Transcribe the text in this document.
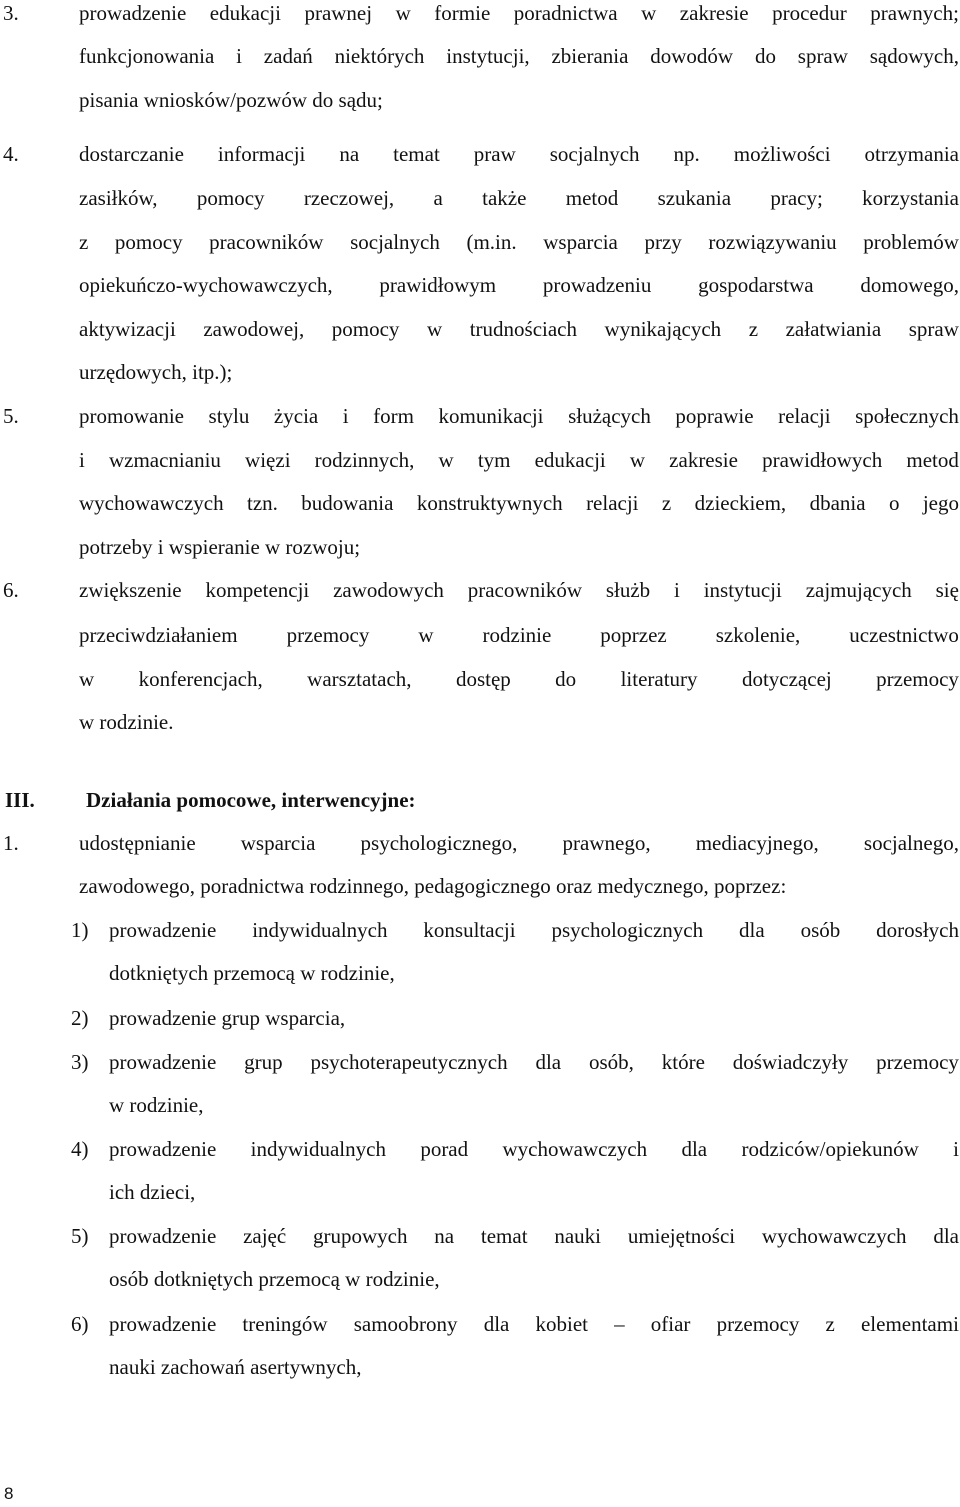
3.	prowadzenie edukacji prawnej w formie poradnictwa w zakresie procedur prawnych;
funkcjonowania i zadań niektórych instytucji, zbierania dowodów do spraw sądowych,
pisania wniosków/pozwów do sądu;
4.	dostarczanie informacji na temat praw socjalnych np. możliwości otrzymania
zasiłków, pomocy rzeczowej, a także metod szukania pracy; korzystania
z pomocy pracowników socjalnych (m.in. wsparcia przy rozwiązywaniu problemów
opiekuńczo-wychowawczych, prawidłowym prowadzeniu gospodarstwa domowego,
aktywizacji zawodowej, pomocy w trudnościach wynikających z załatwiania spraw
urzędowych, itp.);
5.	promowanie stylu życia i form komunikacji służących poprawie relacji społecznych
i wzmacnianiu więzi rodzinnych, w tym edukacji w zakresie prawidłowych metod
wychowawczych tzn. budowania konstruktywnych relacji z dzieckiem, dbania o jego
potrzeby i wspieranie w rozwoju;
6.	zwiększenie kompetencji zawodowych pracowników służb i instytucji zajmujących się
przeciwdziałaniem przemocy w rodzinie poprzez szkolenie, uczestnictwo
w konferencjach, warsztatach, dostęp do literatury dotyczącej przemocy
w rodzinie.
III. Działania pomocowe, interwencyjne:
1.	udostępnianie wsparcia psychologicznego, prawnego, mediacyjnego, socjalnego,
zawodowego, poradnictwa rodzinnego, pedagogicznego oraz medycznego, poprzez:
1) prowadzenie indywidualnych konsultacji psychologicznych dla osób dorosłych
dotkniętych przemocą w rodzinie,
2) prowadzenie grup wsparcia,
3) prowadzenie grup psychoterapeutycznych dla osób, które doświadczyły przemocy
w rodzinie,
4) prowadzenie indywidualnych porad wychowawczych dla rodziców/opiekunów i
ich dzieci,
5) prowadzenie zajęć grupowych na temat nauki umiejętności wychowawczych dla
osób dotkniętych przemocą w rodzinie,
6) prowadzenie treningów samoobrony dla kobiet – ofiar przemocy z elementami
nauki zachowań asertywnych,
8
